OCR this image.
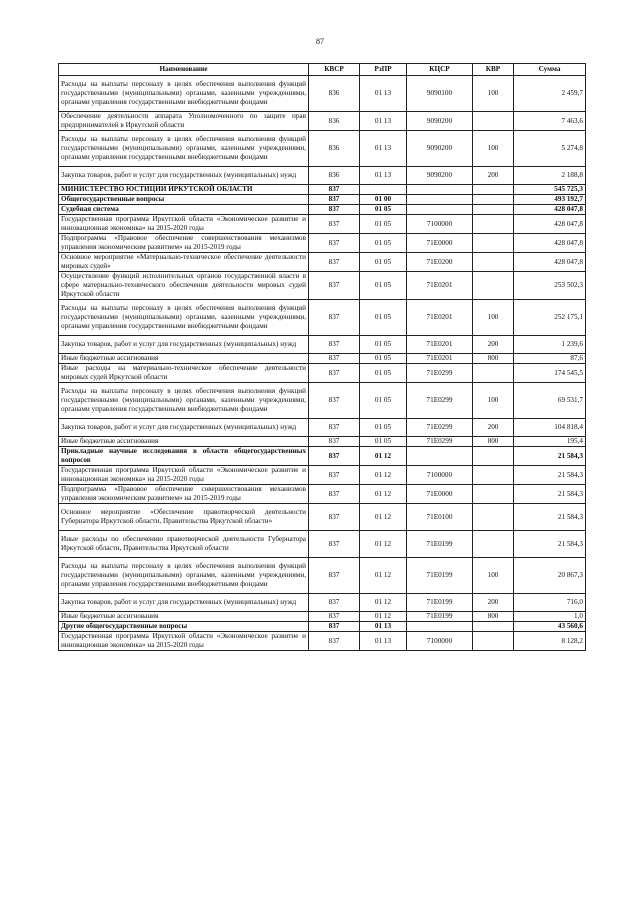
87
Наименование	КВСР	РзПР	КЦСР	КВР	Сумма
Расходы на выплаты персоналу в целях обеспечения выполнения функций государственными (муниципальными) органами, казенными учреждениями, органами управления государственными внебюджетными фондами	836	01 13	9090100	100	2 459,7
Обеспечение деятельности аппарата Уполномоченного по защите прав предпринимателей в Иркутской области	836	01 13	9090200		7 463,6
Расходы на выплаты персоналу в целях обеспечения выполнения функций государственными (муниципальными) органами, казенными учреждениями, органами управления государственными внебюджетными фондами	836	01 13	9090200	100	5 274,8
Закупка товаров, работ и услуг для государственных (муниципальных) нужд	836	01 13	9090200	200	2 188,8
МИНИСТЕРСТВО ЮСТИЦИИ ИРКУТСКОЙ ОБЛАСТИ	837				545 725,3
Общегосударственные вопросы	837	01 00			493 192,7
Судебная система	837	01 05			428 047,8
Государственная программа Иркутской области «Экономическое развитие и инновационная экономика» на 2015-2020 годы	837	01 05	7100000		428 047,8
Подпрограмма «Правовое обеспечение совершенствования механизмов управления экономическим развитием» на 2015-2019 годы	837	01 05	71E0000		428 047,8
Основное мероприятие «Материально-техническое обеспечение деятельности мировых судей»	837	01 05	71E0200		428 047,8
Осуществление функций исполнительных органов государственной власти в сфере материально-технического обеспечения деятельности мировых судей Иркутской области	837	01 05	71E0201		253 502,3
Расходы на выплаты персоналу в целях обеспечения выполнения функций государственными (муниципальными) органами, казенными учреждениями, органами управления государственными внебюджетными фондами	837	01 05	71E0201	100	252 175,1
Закупка товаров, работ и услуг для государственных (муниципальных) нужд	837	01 05	71E0201	200	1 239,6
Иные бюджетные ассигнования	837	01 05	71E0201	800	87,6
Иные расходы на материально-техническое обеспечение деятельности мировых судей Иркутской области	837	01 05	71E0299		174 545,5
Расходы на выплаты персоналу в целях обеспечения выполнения функций государственными (муниципальными) органами, казенными учреждениями, органами управления государственными внебюджетными фондами	837	01 05	71E0299	100	69 531,7
Закупка товаров, работ и услуг для государственных (муниципальных) нужд	837	01 05	71E0299	200	104 818,4
Иные бюджетные ассигнования	837	01 05	71E0299	800	195,4
Прикладные научные исследования в области общегосударственных вопросов	837	01 12			21 584,3
Государственная программа Иркутской области «Экономическое развитие и инновационная экономика» на 2015-2020 годы	837	01 12	7100000		21 584,3
Подпрограмма «Правовое обеспечение совершенствования механизмов управления экономическим развитием» на 2015-2019 годы	837	01 12	71E0000		21 584,3
Основное мероприятие «Обеспечение правотворческой деятельности Губернатора Иркутской области, Правительства Иркутской области»	837	01 12	71E0100		21 584,3
Иные расходы по обеспечению правотворческой деятельности Губернатора Иркутской области, Правительства Иркутской области	837	01 12	71E0199		21 584,3
Расходы на выплаты персоналу в целях обеспечения выполнения функций государственными (муниципальными) органами, казенными учреждениями, органами управления государственными внебюджетными фондами	837	01 12	71E0199	100	20 867,3
Закупка товаров, работ и услуг для государственных (муниципальных) нужд	837	01 12	71E0199	200	716,0
Иные бюджетные ассигнования	837	01 12	71E0199	800	1,0
Другие общегосударственные вопросы	837	01 13			43 560,6
Государственная программа Иркутской области «Экономическое развитие и инновационная экономика» на 2015-2020 годы	837	01 13	7100000		8 128,2
